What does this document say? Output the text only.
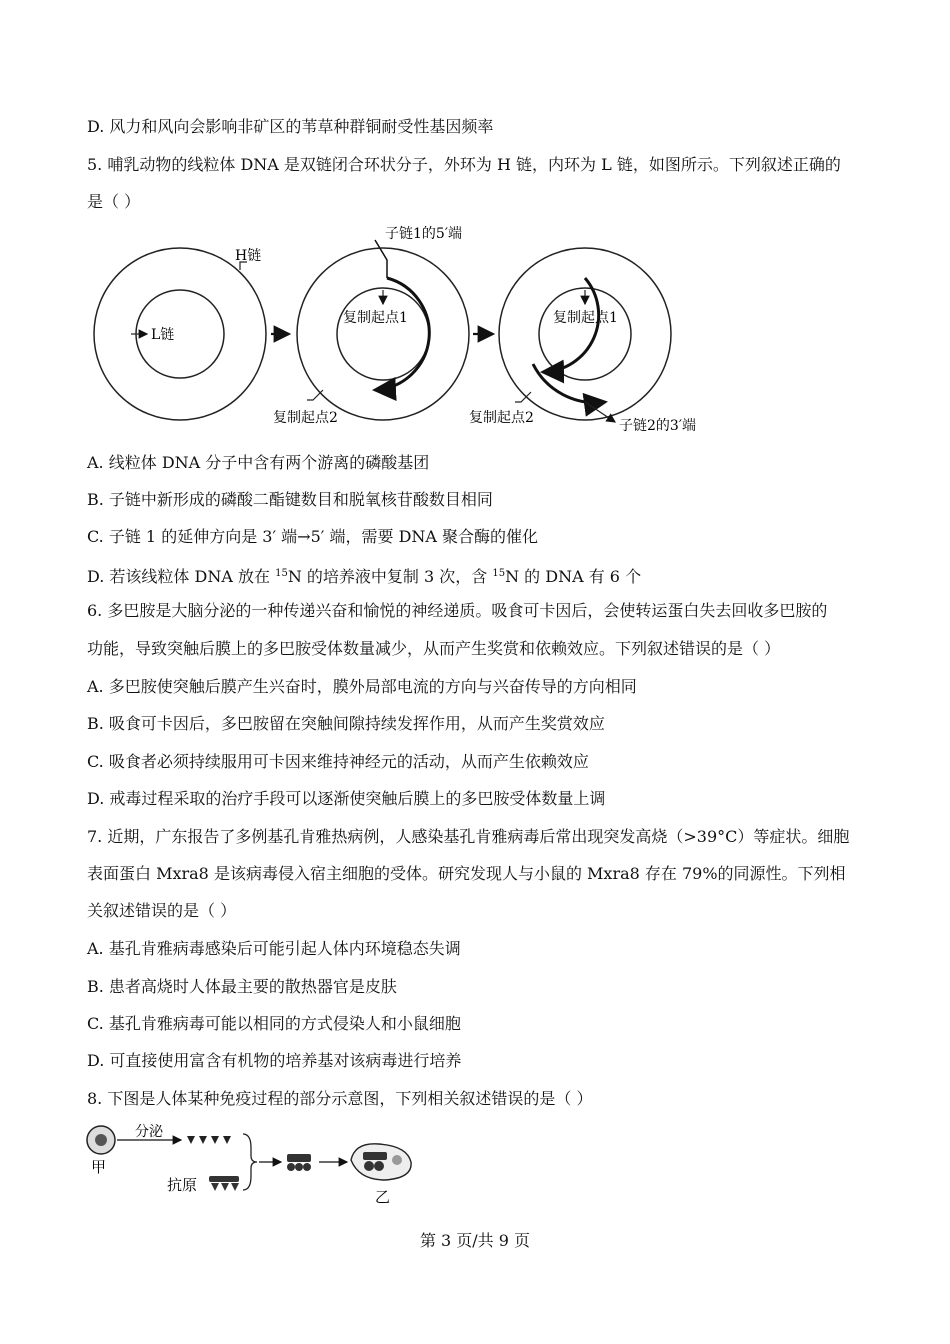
D. 风力和风向会影响非矿区的苇草种群铜耐受性基因频率
5. 哺乳动物的线粒体 DNA 是双链闭合环状分子，外环为 H 链，内环为 L 链，如图所示。下列叙述正确的
是（ ）
H链
L链
复制起点1
子链1的5′端
复制起点2
复制起点1
复制起点2	子链2的3′端
A. 线粒体 DNA 分子中含有两个游离的磷酸基团
B. 子链中新形成的磷酸二酯键数目和脱氧核苷酸数目相同
C. 子链 1 的延伸方向是 3′ 端→5′ 端，需要 DNA 聚合酶的催化
D. 若该线粒体 DNA 放在 $^{15}$N 的培养液中复制 3 次，含 $^{15}$N 的 DNA 有 6 个
6. 多巴胺是大脑分泌的一种传递兴奋和愉悦的神经递质。吸食可卡因后，会使转运蛋白失去回收多巴胺的
功能，导致突触后膜上的多巴胺受体数量减少，从而产生奖赏和依赖效应。下列叙述错误的是（ ）
A. 多巴胺使突触后膜产生兴奋时，膜外局部电流的方向与兴奋传导的方向相同
B. 吸食可卡因后，多巴胺留在突触间隙持续发挥作用，从而产生奖赏效应
C. 吸食者必须持续服用可卡因来维持神经元的活动，从而产生依赖效应
D. 戒毒过程采取的治疗手段可以逐渐使突触后膜上的多巴胺受体数量上调
7. 近期，广东报告了多例基孔肯雅热病例，人感染基孔肯雅病毒后常出现突发高烧（>39°C）等症状。细胞
表面蛋白 Mxra8 是该病毒侵入宿主细胞的受体。研究发现人与小鼠的 Mxra8 存在 79%的同源性。下列相
关叙述错误的是（ ）
A. 基孔肯雅病毒感染后可能引起人体内环境稳态失调
B. 患者高烧时人体最主要的散热器官是皮肤
C. 基孔肯雅病毒可能以相同的方式侵染人和小鼠细胞
D. 可直接使用富含有机物的培养基对该病毒进行培养
8. 下图是人体某种免疫过程的部分示意图，下列相关叙述错误的是（ ）
甲
分泌
抗原
乙
第 3 页/共 9 页
